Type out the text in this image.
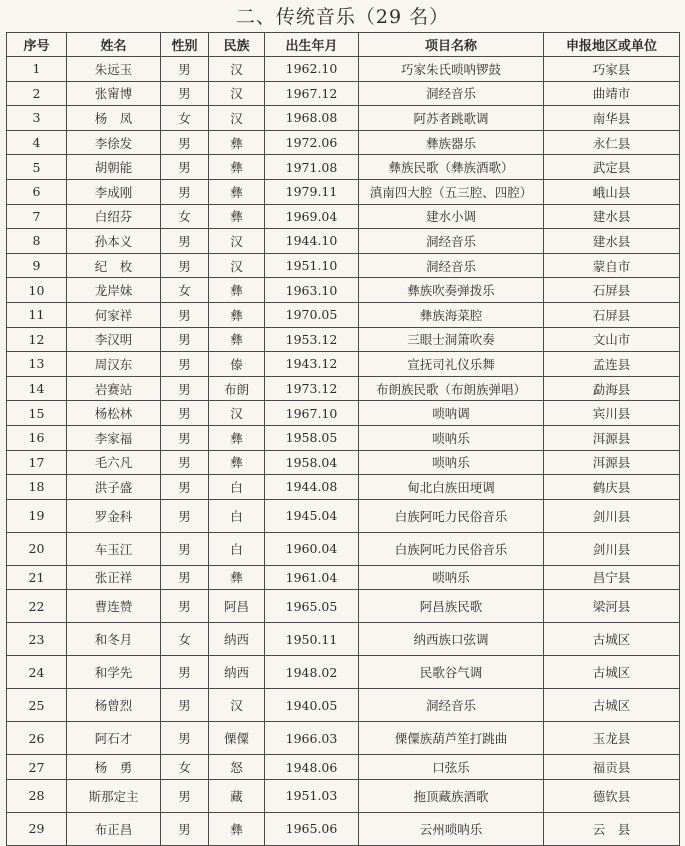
二、传统音乐（29 名）
序号	姓名	性别	民族	出生年月	项目名称	申报地区或单位
1	朱远玉	男	汉	1962.10	巧家朱氏唢呐锣鼓	巧家县
2	张甯博	男	汉	1967.12	洞经音乐	曲靖市
3	杨　凤	女	汉	1968.08	阿苏者跳歌调	南华县
4	李徐发	男	彝	1972.06	彝族器乐	永仁县
5	胡朝能	男	彝	1971.08	彝族民歌（彝族酒歌）	武定县
6	李成刚	男	彝	1979.11	滇南四大腔（五三腔、四腔）	峨山县
7	白绍芬	女	彝	1969.04	建水小调	建水县
8	孙本义	男	汉	1944.10	洞经音乐	建水县
9	纪　枚	男	汉	1951.10	洞经音乐	蒙自市
10	龙岸妹	女	彝	1963.10	彝族吹奏弹拨乐	石屏县
11	何家祥	男	彝	1970.05	彝族海菜腔	石屏县
12	李汉明	男	彝	1953.12	三眼士洞箫吹奏	文山市
13	周汉东	男	傣	1943.12	宣抚司礼仪乐舞	孟连县
14	岩赛站	男	布朗	1973.12	布朗族民歌（布朗族弹唱）	勐海县
15	杨松林	男	汉	1967.10	唢呐调	宾川县
16	李家福	男	彝	1958.05	唢呐乐	洱源县
17	毛六凡	男	彝	1958.04	唢呐乐	洱源县
18	洪子盛	男	白	1944.08	甸北白族田埂调	鹤庆县
19	罗金科	男	白	1945.04	白族阿吒力民俗音乐	剑川县
20	车玉江	男	白	1960.04	白族阿吒力民俗音乐	剑川县
21	张正祥	男	彝	1961.04	唢呐乐	昌宁县
22	曹连赞	男	阿昌	1965.05	阿昌族民歌	梁河县
23	和冬月	女	纳西	1950.11	纳西族口弦调	古城区
24	和学先	男	纳西	1948.02	民歌谷气调	古城区
25	杨曾烈	男	汉	1940.05	洞经音乐	古城区
26	阿石才	男	傈僳	1966.03	傈僳族葫芦笙打跳曲	玉龙县
27	杨　勇	女	怒	1948.06	口弦乐	福贡县
28	斯那定主	男	藏	1951.03	拖顶藏族酒歌	德钦县
29	布正昌	男	彝	1965.06	云州唢呐乐	云　县
